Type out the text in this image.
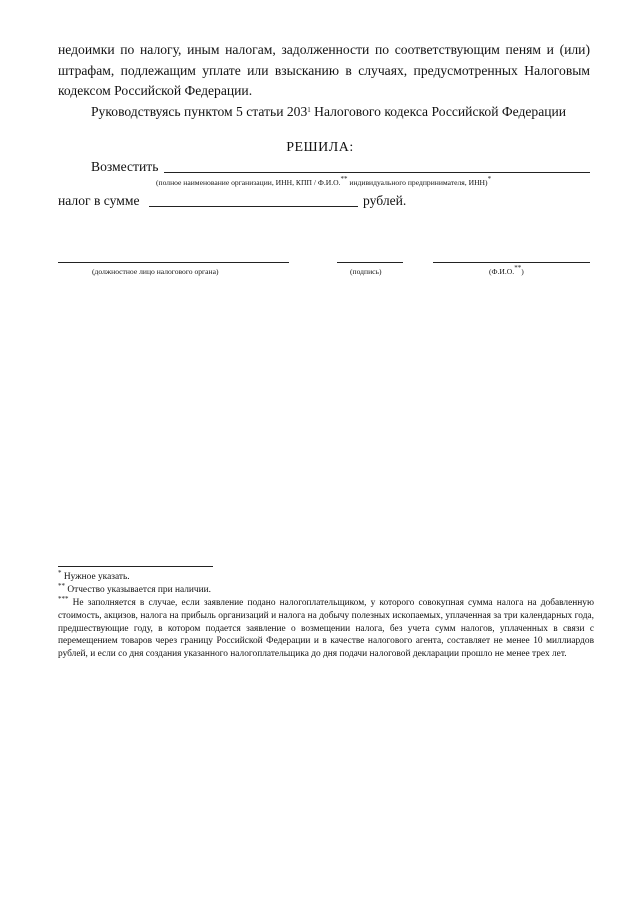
недоимки по налогу, иным налогам, задолженности по соответствующим пеням и (или)
штрафам, подлежащим уплате или взысканию в случаях, предусмотренных Налоговым
кодексом Российской Федерации.
Руководствуясь пунктом 5 статьи $203^1$ Налогового кодекса Российской Федерации
РЕШИЛА:
Возместить
(полное наименование организации, ИНН, КПП / Ф.И.О.** индивидуального предпринимателя, ИНН)*
налог в сумме	рублей.
(должностное лицо налогового органа)	(подпись)	(Ф.И.О.**)
* Нужное указать.
** Отчество указывается при наличии.
*** Не заполняется в случае, если заявление подано налогоплательщиком, у которого совокупная сумма налога на добавленную стоимость, акцизов, налога на прибыль организаций и налога на добычу полезных ископаемых, уплаченная за три календарных года, предшествующие году, в котором подается заявление о возмещении налога, без учета сумм налогов, уплаченных в связи с перемещением товаров через границу Российской Федерации и в качестве налогового агента, составляет не менее 10 миллиардов рублей, и если со дня создания указанного налогоплательщика до дня подачи налоговой декларации прошло не менее трех лет.
